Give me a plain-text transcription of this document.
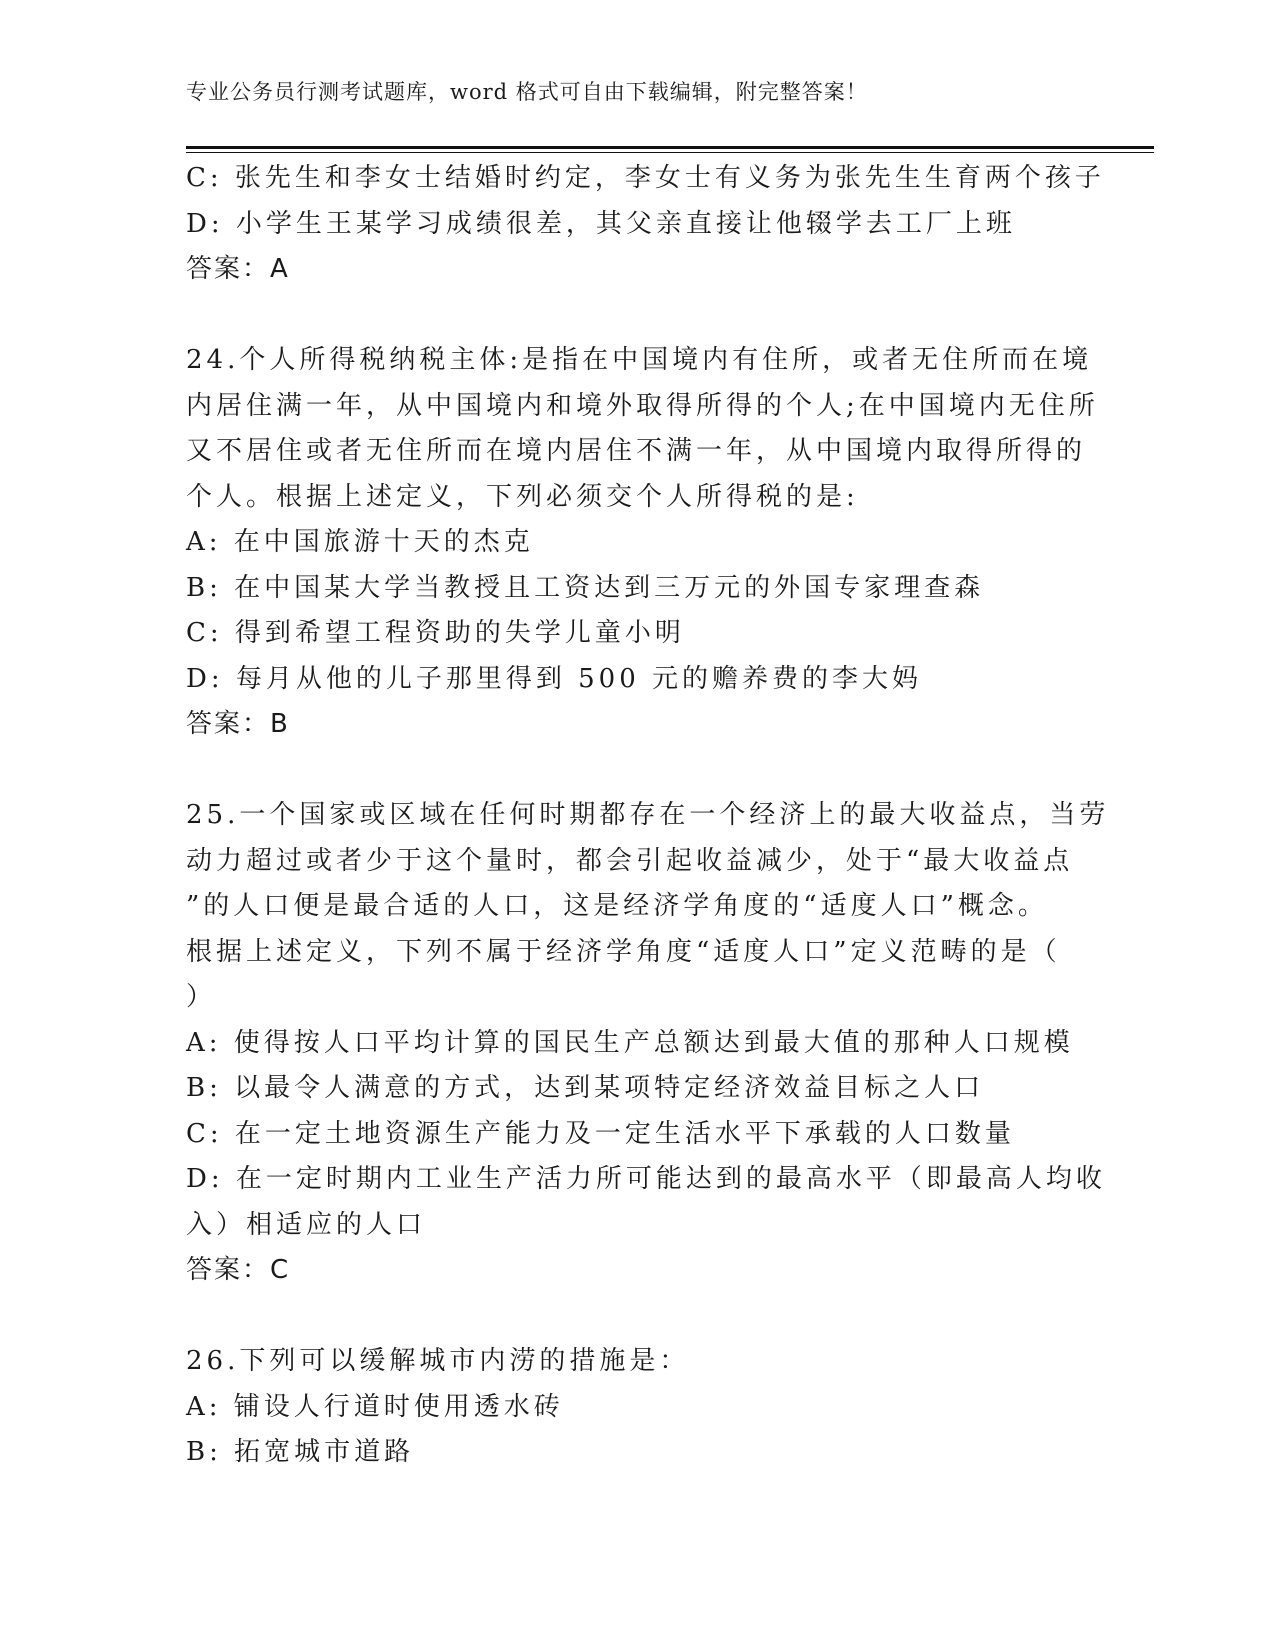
专业公务员行测考试题库，word 格式可自由下载编辑，附完整答案！
C: 张先生和李女士结婚时约定，李女士有义务为张先生生育两个孩子
D: 小学生王某学习成绩很差，其父亲直接让他辍学去工厂上班
答案：A
24.个人所得税纳税主体:是指在中国境内有住所，或者无住所而在境
内居住满一年，从中国境内和境外取得所得的个人;在中国境内无住所
又不居住或者无住所而在境内居住不满一年，从中国境内取得所得的
个人。根据上述定义，下列必须交个人所得税的是:
A: 在中国旅游十天的杰克
B: 在中国某大学当教授且工资达到三万元的外国专家理查森
C: 得到希望工程资助的失学儿童小明
D: 每月从他的儿子那里得到 500 元的赡养费的李大妈
答案：B
25.一个国家或区域在任何时期都存在一个经济上的最大收益点，当劳
动力超过或者少于这个量时，都会引起收益减少，处于“最大收益点
”的人口便是最合适的人口，这是经济学角度的“适度人口”概念。
根据上述定义，下列不属于经济学角度“适度人口”定义范畴的是（
）
A: 使得按人口平均计算的国民生产总额达到最大值的那种人口规模
B: 以最令人满意的方式，达到某项特定经济效益目标之人口
C: 在一定土地资源生产能力及一定生活水平下承载的人口数量
D: 在一定时期内工业生产活力所可能达到的最高水平（即最高人均收
入）相适应的人口
答案：C
26.下列可以缓解城市内涝的措施是：
A: 铺设人行道时使用透水砖
B: 拓宽城市道路
